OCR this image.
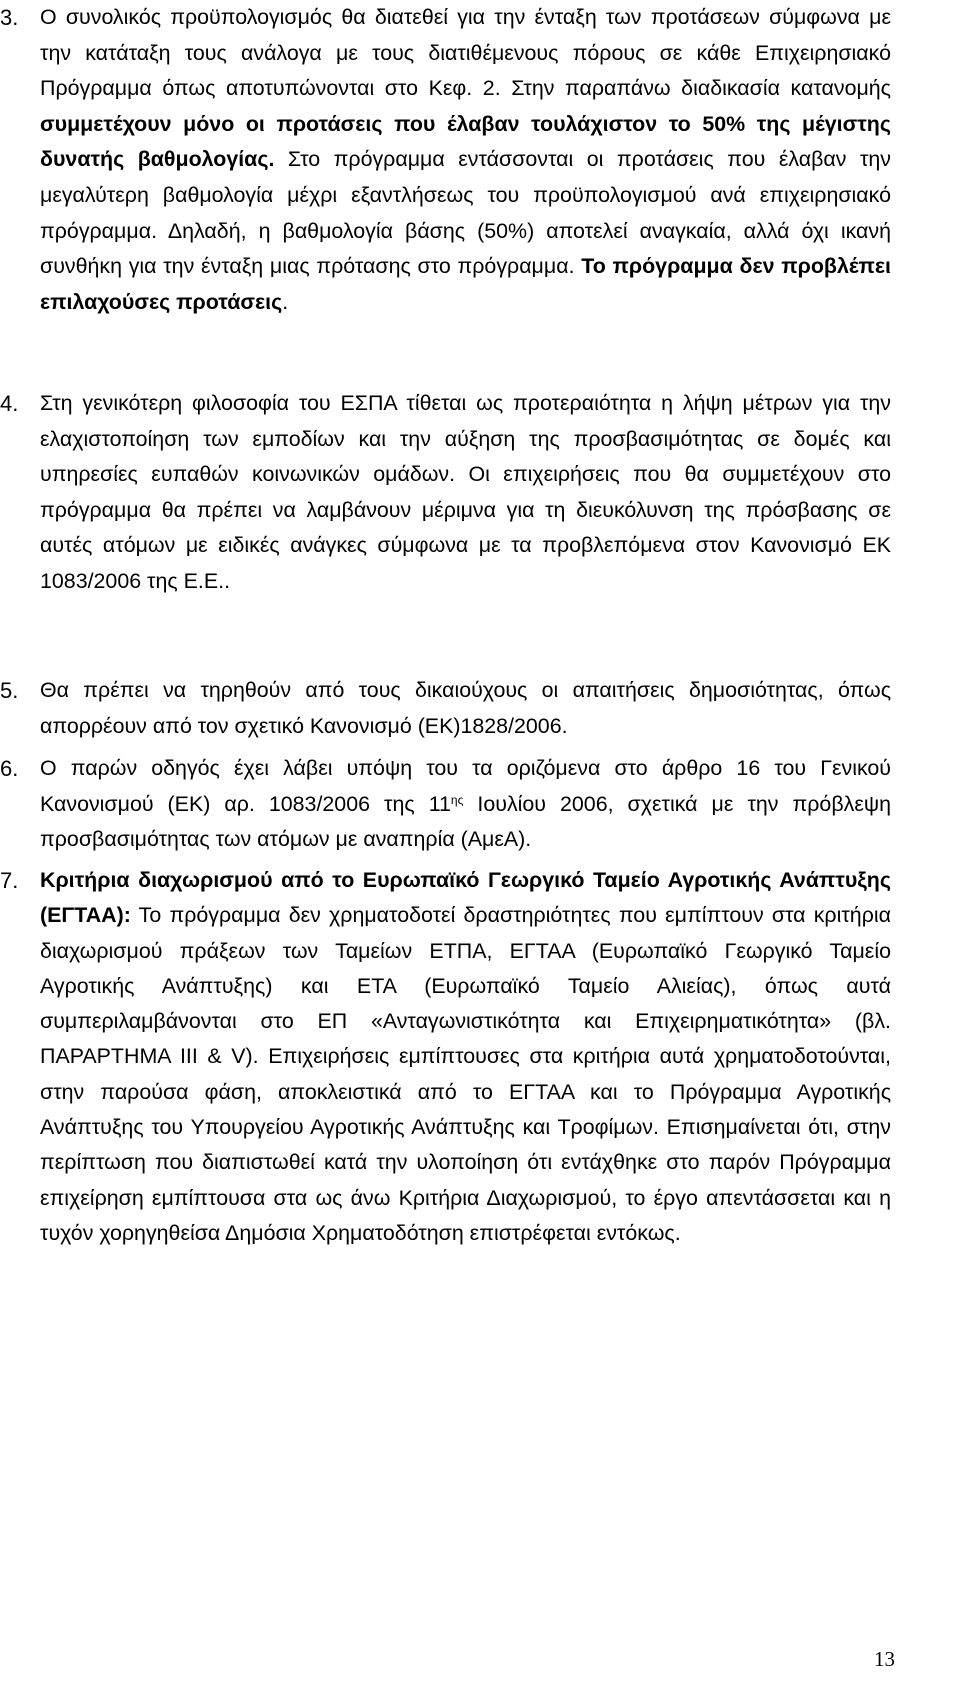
3. Ο συνολικός προϋπολογισμός θα διατεθεί για την ένταξη των προτάσεων σύμφωνα με την κατάταξη τους ανάλογα με τους διατιθέμενους πόρους σε κάθε Επιχειρησιακό Πρόγραμμα όπως αποτυπώνονται στο Κεφ. 2. Στην παραπάνω διαδικασία κατανομής συμμετέχουν μόνο οι προτάσεις που έλαβαν τουλάχιστον το 50% της μέγιστης δυνατής βαθμολογίας. Στο πρόγραμμα εντάσσονται οι προτάσεις που έλαβαν την μεγαλύτερη βαθμολογία μέχρι εξαντλήσεως του προϋπολογισμού ανά επιχειρησιακό πρόγραμμα. Δηλαδή, η βαθμολογία βάσης (50%) αποτελεί αναγκαία, αλλά όχι ικανή συνθήκη για την ένταξη μιας πρότασης στο πρόγραμμα. Το πρόγραμμα δεν προβλέπει επιλαχούσες προτάσεις.
4. Στη γενικότερη φιλοσοφία του ΕΣΠΑ τίθεται ως προτεραιότητα η λήψη μέτρων για την ελαχιστοποίηση των εμποδίων και την αύξηση της προσβασιμότητας σε δομές και υπηρεσίες ευπαθών κοινωνικών ομάδων. Οι επιχειρήσεις που θα συμμετέχουν στο πρόγραμμα θα πρέπει να λαμβάνουν μέριμνα για τη διευκόλυνση της πρόσβασης σε αυτές ατόμων με ειδικές ανάγκες σύμφωνα με τα προβλεπόμενα στον Κανονισμό ΕΚ 1083/2006 της Ε.Ε..
5. Θα πρέπει να τηρηθούν από τους δικαιούχους οι απαιτήσεις δημοσιότητας, όπως απορρέουν από τον σχετικό Κανονισμό (ΕΚ)1828/2006.
6. Ο παρών οδηγός έχει λάβει υπόψη του τα οριζόμενα στο άρθρο 16 του Γενικού Κανονισμού (ΕΚ) αρ. 1083/2006 της $11^{\eta\varsigma}$ Ιουλίου 2006, σχετικά με την πρόβλεψη προσβασιμότητας των ατόμων με αναπηρία (ΑμεΑ).
7. Κριτήρια διαχωρισμού από το Ευρωπαϊκό Γεωργικό Ταμείο Αγροτικής Ανάπτυξης (ΕΓΤΑΑ): Το πρόγραμμα δεν χρηματοδοτεί δραστηριότητες που εμπίπτουν στα κριτήρια διαχωρισμού πράξεων των Ταμείων ΕΤΠΑ, ΕΓΤΑΑ (Ευρωπαϊκό Γεωργικό Ταμείο Αγροτικής Ανάπτυξης) και ΕΤΑ (Ευρωπαϊκό Ταμείο Αλιείας), όπως αυτά συμπεριλαμβάνονται στο ΕΠ «Ανταγωνιστικότητα και Επιχειρηματικότητα» (βλ. ΠΑΡΑΡΤΗΜΑ ΙΙΙ & V). Επιχειρήσεις εμπίπτουσες στα κριτήρια αυτά χρηματοδοτούνται, στην παρούσα φάση, αποκλειστικά από το ΕΓΤΑΑ και το Πρόγραμμα Αγροτικής Ανάπτυξης του Υπουργείου Αγροτικής Ανάπτυξης και Τροφίμων. Επισημαίνεται ότι, στην περίπτωση που διαπιστωθεί κατά την υλοποίηση ότι εντάχθηκε στο παρόν Πρόγραμμα επιχείρηση εμπίπτουσα στα ως άνω Κριτήρια Διαχωρισμού, το έργο απεντάσσεται και η τυχόν χορηγηθείσα Δημόσια Χρηματοδότηση επιστρέφεται εντόκως.
13
